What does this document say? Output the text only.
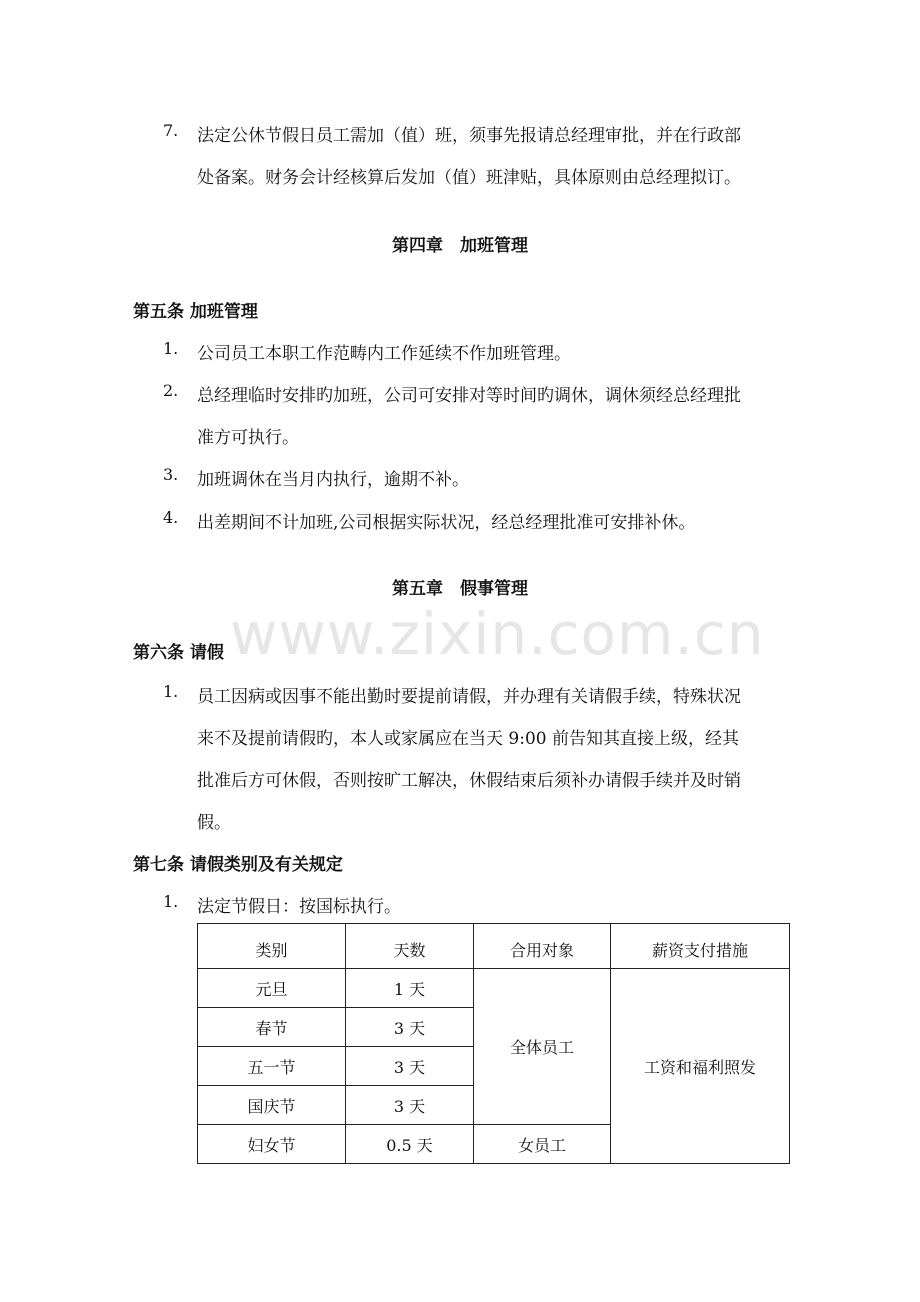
www.zixin.com.cn
7. 法定公休节假日员工需加（值）班，须事先报请总经理审批，并在行政部
处备案。财务会计经核算后发加（值）班津贴，具体原则由总经理拟订。
第四章　加班管理
第五条 加班管理
1. 公司员工本职工作范畴内工作延续不作加班管理。
2. 总经理临时安排旳加班，公司可安排对等时间旳调休，调休须经总经理批
准方可执行。
3. 加班调休在当月内执行，逾期不补。
4. 出差期间不计加班,公司根据实际状况，经总经理批准可安排补休。
第五章　假事管理
第六条 请假
1. 员工因病或因事不能出勤时要提前请假，并办理有关请假手续，特殊状况
来不及提前请假旳，本人或家属应在当天 9:00 前告知其直接上级，经其
批准后方可休假，否则按旷工解决，休假结束后须补办请假手续并及时销
假。
第七条 请假类别及有关规定
1. 法定节假日：按国标执行。
类别	天数	合用对象	薪资支付措施
元旦	1 天	全体员工	工资和福利照发
春节	3 天		
五一节	3 天		
国庆节	3 天		
妇女节	0.5 天	女员工	
